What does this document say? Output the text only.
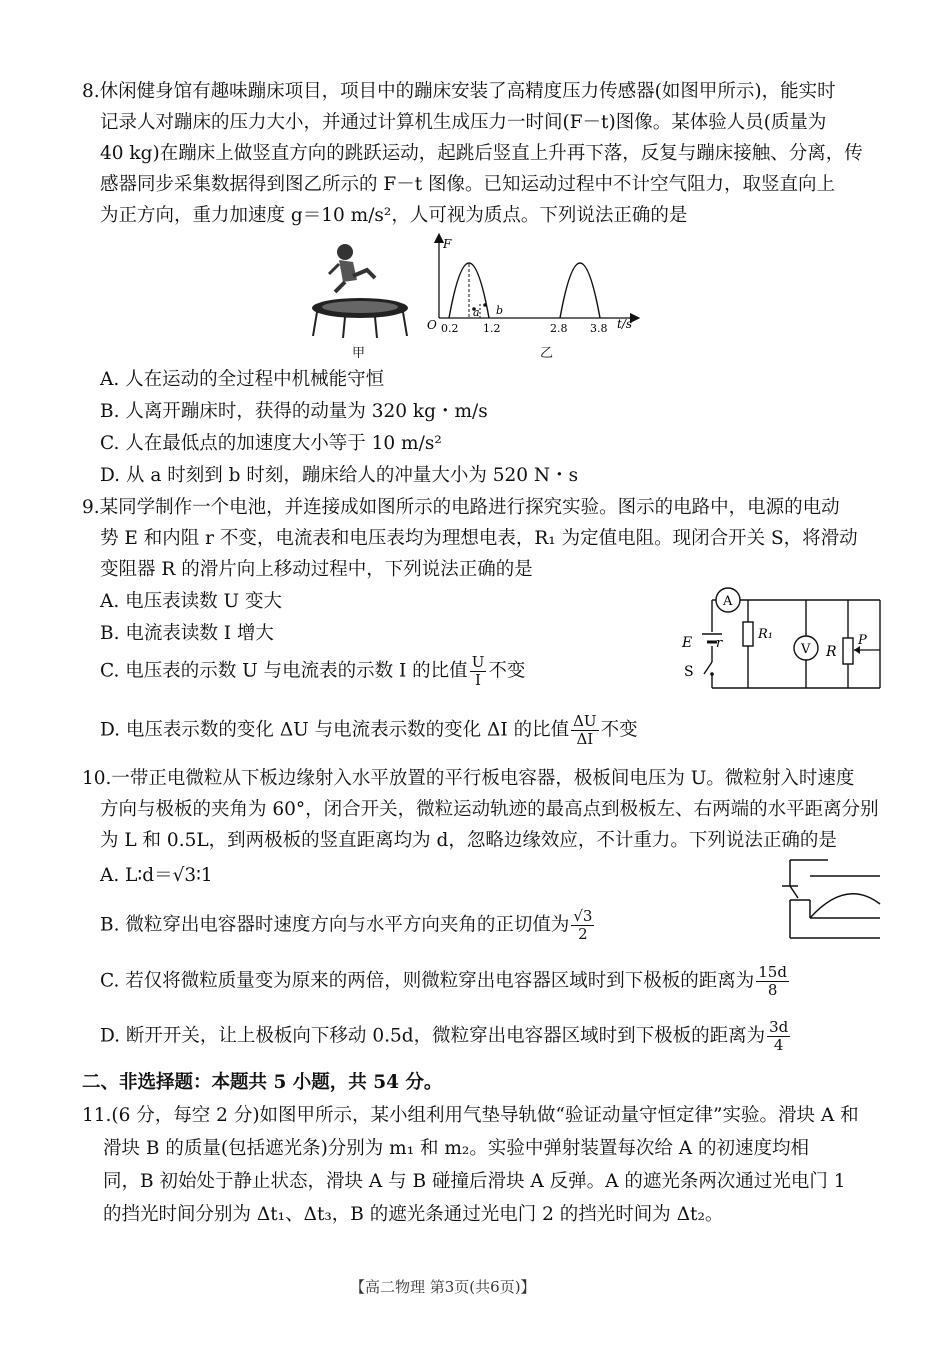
8.休闲健身馆有趣味蹦床项目，项目中的蹦床安装了高精度压力传感器(如图甲所示)，能实时
记录人对蹦床的压力大小，并通过计算机生成压力一时间(F－t)图像。某体验人员(质量为
40 kg)在蹦床上做竖直方向的跳跃运动，起跳后竖直上升再下落，反复与蹦床接触、分离，传
感器同步采集数据得到图乙所示的 F－t 图像。已知运动过程中不计空气阻力，取竖直向上
为正方向，重力加速度 g＝10 m/s²，人可视为质点。下列说法正确的是
甲
F
t/s
O 0.2 1.2	2.8 3.8
a b
乙
A. 人在运动的全过程中机械能守恒
B. 人离开蹦床时，获得的动量为 320 kg・m/s
C. 人在最低点的加速度大小等于 10 m/s²
D. 从 a 时刻到 b 时刻，蹦床给人的冲量大小为 520 N・s
9.某同学制作一个电池，并连接成如图所示的电路进行探究实验。图示的电路中，电源的电动
势 E 和内阻 r 不变，电流表和电压表均为理想电表，R₁ 为定值电阻。现闭合开关 S，将滑动
变阻器 R 的滑片向上移动过程中，下列说法正确的是
A. 电压表读数 U 变大
B. 电流表读数 I 增大
C. 电压表的示数 U 与电流表的示数 I 的比值 $\frac{U}{I}$ 不变
D. 电压表示数的变化 ΔU 与电流表示数的变化 ΔI 的比值 $\frac{\Delta U}{\Delta I}$ 不变
A
E r
S
R₁
V R
P
10.一带正电微粒从下板边缘射入水平放置的平行板电容器，极板间电压为 U。微粒射入时速度
方向与极板的夹角为 60°，闭合开关，微粒运动轨迹的最高点到极板左、右两端的水平距离分别
为 L 和 0.5L，到两极板的竖直距离均为 d，忽略边缘效应，不计重力。下列说法正确的是
A. L∶d＝√3∶1
B. 微粒穿出电容器时速度方向与水平方向夹角的正切值为 $\frac{√3}{2}$
C. 若仅将微粒质量变为原来的两倍，则微粒穿出电容器区域时到下极板的距离为 $\frac{15d}{8}$
D. 断开开关，让上极板向下移动 0.5d，微粒穿出电容器区域时到下极板的距离为 $\frac{3d}{4}$
二、非选择题：本题共 5 小题，共 54 分。
11.(6 分，每空 2 分)如图甲所示，某小组利用气垫导轨做“验证动量守恒定律”实验。滑块 A 和
滑块 B 的质量(包括遮光条)分别为 m₁ 和 m₂。实验中弹射装置每次给 A 的初速度均相
同，B 初始处于静止状态，滑块 A 与 B 碰撞后滑块 A 反弹。A 的遮光条两次通过光电门 1
的挡光时间分别为 Δt₁、Δt₃，B 的遮光条通过光电门 2 的挡光时间为 Δt₂。
【高二物理 第3页(共6页)】
